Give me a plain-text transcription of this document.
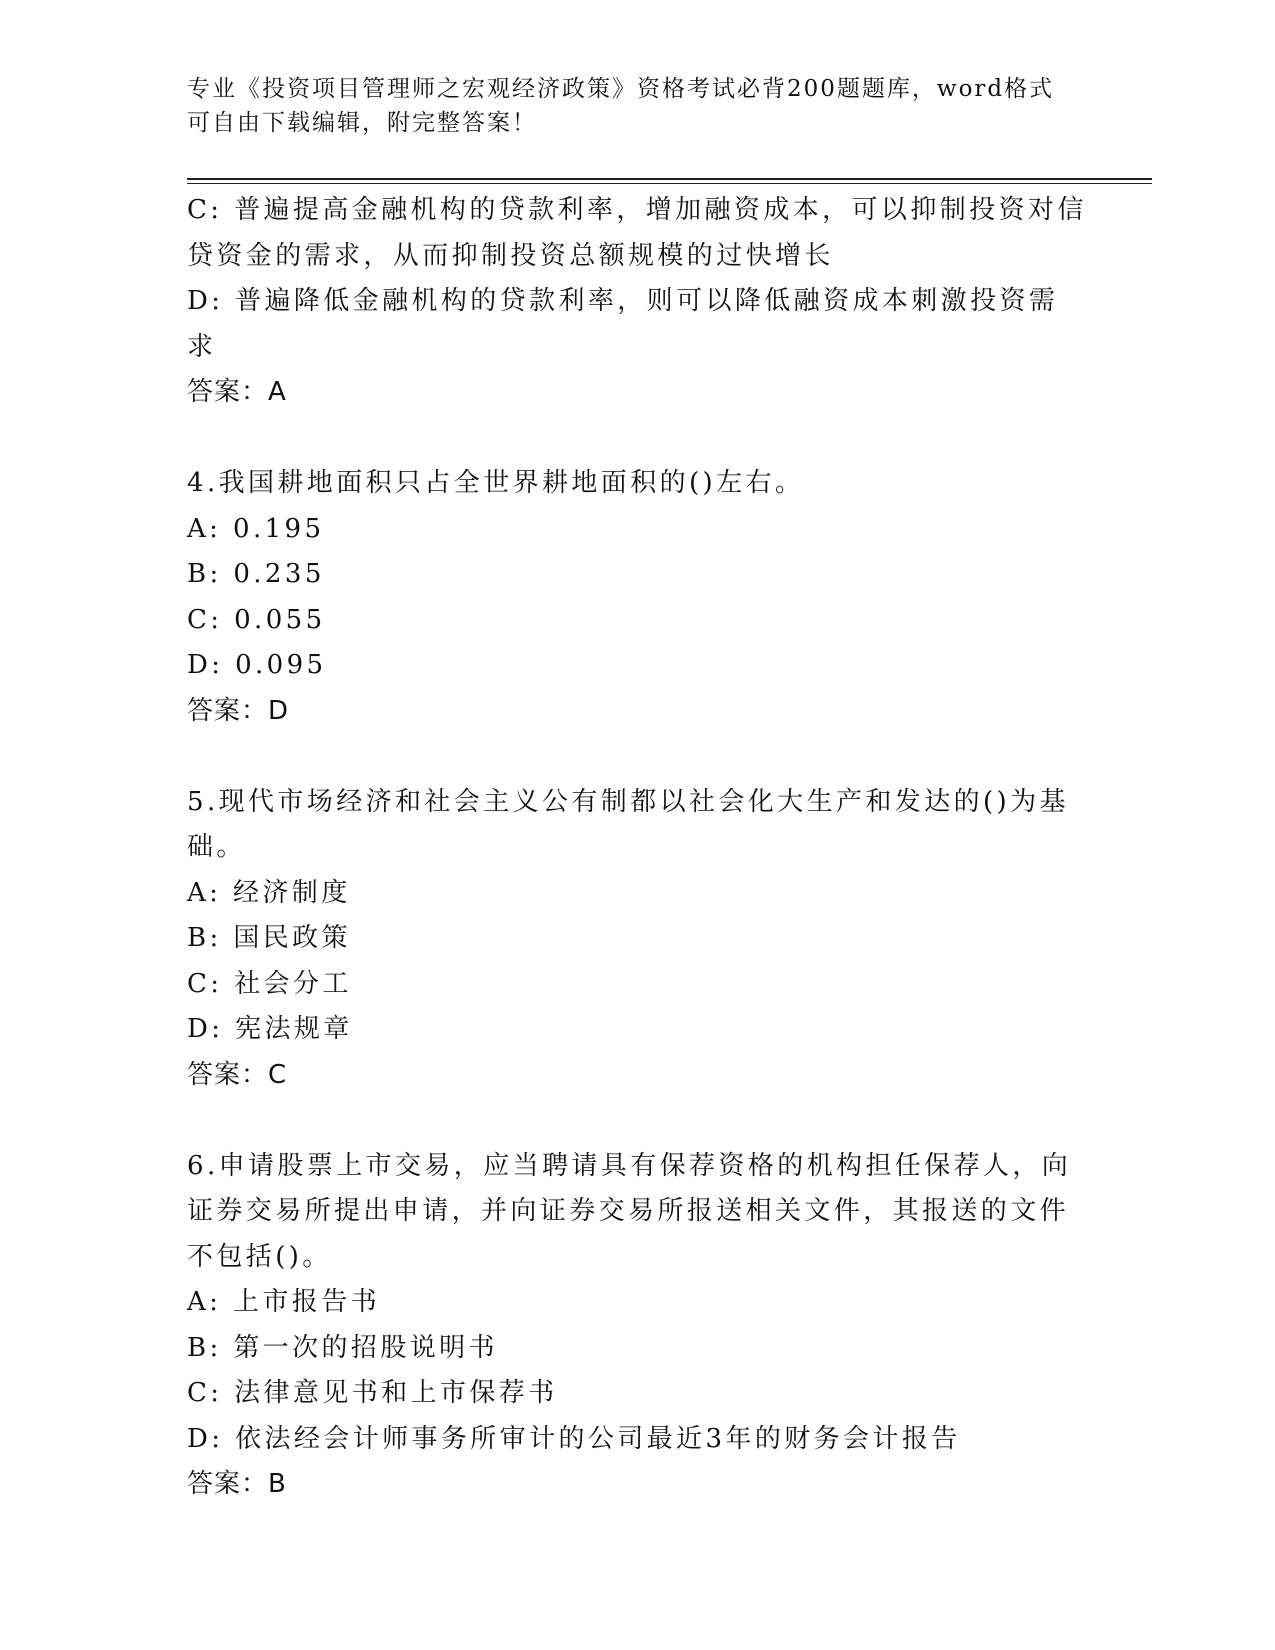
专业《投资项目管理师之宏观经济政策》资格考试必背200题题库，word格式可自由下载编辑，附完整答案！
C: 普遍提高金融机构的贷款利率，增加融资成本，可以抑制投资对信贷资金的需求，从而抑制投资总额规模的过快增长
D: 普遍降低金融机构的贷款利率，则可以降低融资成本刺激投资需求
答案：A
4.我国耕地面积只占全世界耕地面积的()左右。
A: 0.195
B: 0.235
C: 0.055
D: 0.095
答案：D
5.现代市场经济和社会主义公有制都以社会化大生产和发达的()为基础。
A: 经济制度
B: 国民政策
C: 社会分工
D: 宪法规章
答案：C
6.申请股票上市交易，应当聘请具有保荐资格的机构担任保荐人，向证券交易所提出申请，并向证券交易所报送相关文件，其报送的文件不包括()。
A: 上市报告书
B: 第一次的招股说明书
C: 法律意见书和上市保荐书
D: 依法经会计师事务所审计的公司最近3年的财务会计报告
答案：B
